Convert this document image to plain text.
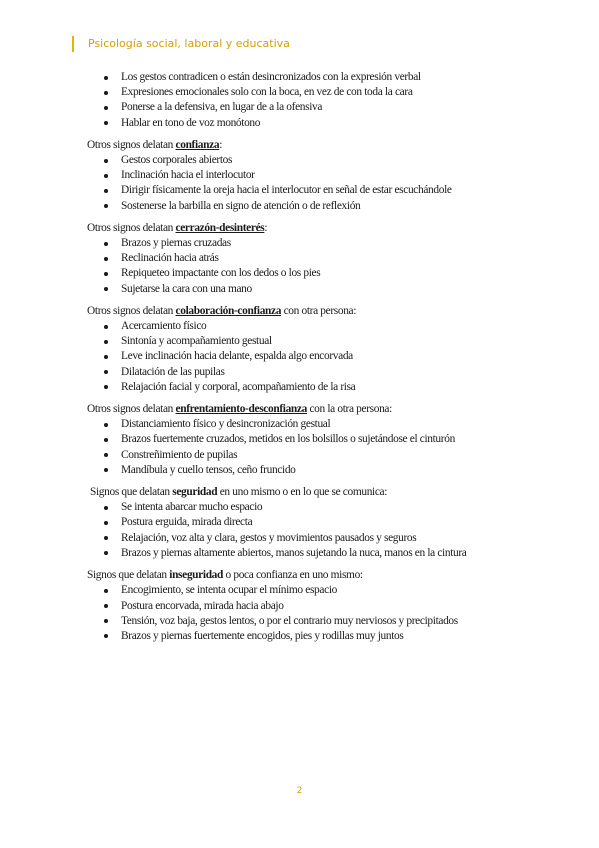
Psicología social, laboral y educativa
Los gestos contradicen o están desincronizados con la expresión verbal
Expresiones emocionales solo con la boca, en vez de con toda la cara
Ponerse a la defensiva, en lugar de a la ofensiva
Hablar en tono de voz monótono

Otros signos delatan confianza:

Gestos corporales abiertos
Inclinación hacia el interlocutor
Dirigir físicamente la oreja hacia el interlocutor en señal de estar escuchándole
Sostenerse la barbilla en signo de atención o de reflexión

Otros signos delatan cerrazón-desinterés:

Brazos y piernas cruzadas
Reclinación hacia atrás
Repiqueteo impactante con los dedos o los pies
Sujetarse la cara con una mano

Otros signos delatan colaboración-confianza con otra persona:

Acercamiento físico
Sintonía y acompañamiento gestual
Leve inclinación hacia delante, espalda algo encorvada
Dilatación de las pupilas
Relajación facial y corporal, acompañamiento de la risa

Otros signos delatan enfrentamiento-desconfianza con la otra persona:

Distanciamiento físico y desincronización gestual
Brazos fuertemente cruzados, metidos en los bolsillos o sujetándose el cinturón
Constreñimiento de pupilas
Mandíbula y cuello tensos, ceño fruncido

Signos que delatan seguridad en uno mismo o en lo que se comunica:

Se intenta abarcar mucho espacio
Postura erguida, mirada directa
Relajación, voz alta y clara, gestos y movimientos pausados y seguros
Brazos y piernas altamente abiertos, manos sujetando la nuca, manos en la cintura

Signos que delatan inseguridad o poca confianza en uno mismo:

Encogimiento, se intenta ocupar el mínimo espacio
Postura encorvada, mirada hacia abajo
Tensión, voz baja, gestos lentos, o por el contrario muy nerviosos y precipitados
Brazos y piernas fuertemente encogidos, pies y rodillas muy juntos
2
